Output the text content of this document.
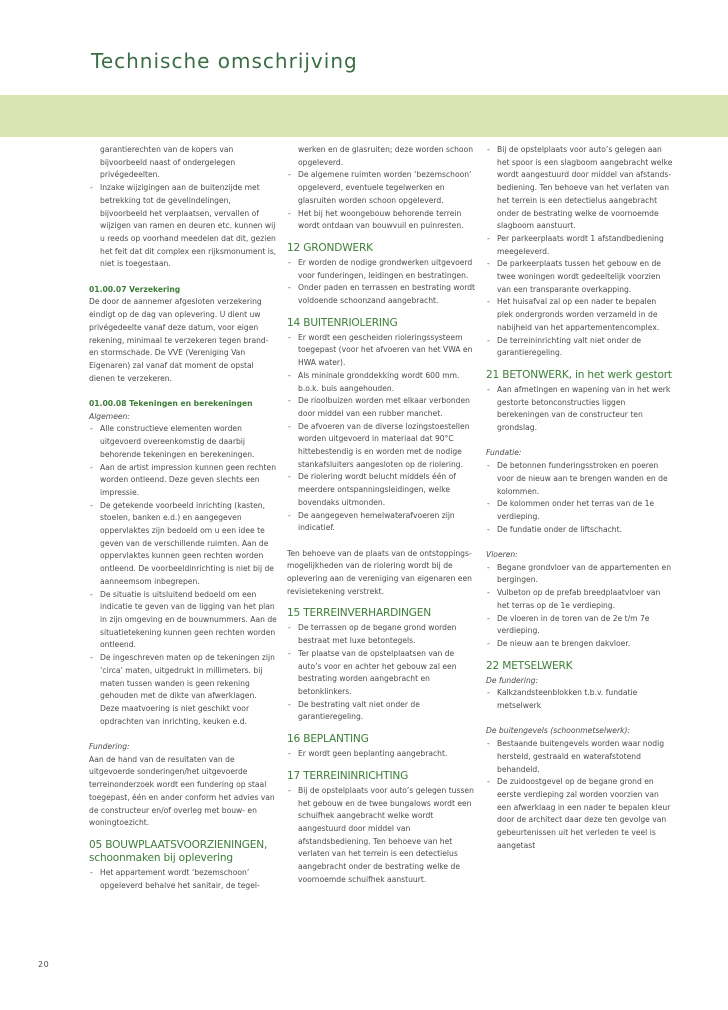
Technische omschrijving

garantierechten van de kopers van bijvoorbeeld naast of ondergelegen privégedeelten.

- Inzake wijzigingen aan de buitenzijde met betrekking tot de gevelindelingen, bijvoorbeeld het verplaatsen, vervallen of wijzigen van ramen en deuren etc. kunnen wij u reeds op voorhand meedelen dat dit, gezien het feit dat dit complex een rijksmonument is, niet is toegestaan.
01.00.07 Verzekering

De door de aannemer afgesloten verzekering eindigt op de dag van oplevering. U dient uw privégedeelte vanaf deze datum, voor eigen rekening, minimaal te verzekeren tegen brand- en stormschade. De VVE (Vereniging Van Eigenaren) zal vanaf dat moment de opstal dienen te verzekeren.

01.00.08 Tekeningen en berekeningen

Algemeen:

- Alle constructieve elementen worden uitgevoerd overeenkomstig de daarbij behorende tekeningen en berekeningen.
- Aan de artist impression kunnen geen rechten worden ontleend. Deze geven slechts een impressie.
- De getekende voorbeeld inrichting (kasten, stoelen, banken e.d.) en aangegeven oppervlaktes zijn bedoeld om u een idee te geven van de verschillende ruimten. Aan de oppervlaktes kunnen geen rechten worden ontleend. De voorbeeldinrichting is niet bij de aanneemsom inbegrepen.
- De situatie is uitsluitend bedoeld om een indicatie te geven van de ligging van het plan in zijn omgeving en de bouwnummers. Aan de situatietekening kunnen geen rechten worden ontleend.
- De ingeschreven maten op de tekeningen zijn ‘circa’ maten, uitgedrukt in millimeters. bij maten tussen wanden is geen rekening gehouden met de dikte van afwerklagen. Deze maatvoering is niet geschikt voor opdrachten van inrichting, keuken e.d.

Fundering:

Aan de hand van de resultaten van de uitgevoerde sonderingen/het uitgevoerde terreinonderzoek wordt een fundering op staal toegepast, één en ander conform het advies van de constructeur en/of overleg met bouw- en woningtoezicht.

05 BOUWPLAATSVOORZIENINGEN, schoonmaken bij oplevering
- Het appartement wordt ‘bezemschoon’ opgeleverd behalve het sanitair, de tegel-

werken en de glasruiten; deze worden schoon opgeleverd.

- De algemene ruimten worden ‘bezemschoon’ opgeleverd, eventuele tegelwerken en glasruiten worden schoon opgeleverd.
- Het bij het woongebouw behorende terrein wordt ontdaan van bouwvuil en puinresten.
12 GRONDWERK
- Er worden de nodige grondwerken uitgevoerd voor funderingen, leidingen en bestratingen.
- Onder paden en terrassen en bestrating wordt voldoende schoonzand aangebracht.
14 BUITENRIOLERING
- Er wordt een gescheiden rioleringssysteem toegepast (voor het afvoeren van het VWA en HWA water).
- Als mininale gronddekking wordt 600 mm. b.o.k. buis aangehouden.
- De rioolbuizen worden met elkaar verbonden door middel van een rubber manchet.
- De afvoeren van de diverse lozingstoestellen worden uitgevoerd in materiaal dat 90°C hittebestendig is en worden met de nodige stankafsluiters aangesloten op de riolering.
- De riolering wordt belucht middels één of meerdere ontspanningsleidingen, welke bovendaks uitmonden.
- De aangegeven hemelwaterafvoeren zijn indicatief.

Ten behoeve van de plaats van de ontstoppings-mogelijkheden van de riolering wordt bij de oplevering aan de vereniging van eigenaren een revisietekening verstrekt.

15 TERREINVERHARDINGEN
- De terrassen op de begane grond worden bestraat met luxe betontegels.
- Ter plaatse van de opstelplaatsen van de auto’s voor en achter het gebouw zal een bestrating worden aangebracht en betonklinkers.
- De bestrating valt niet onder de garantieregeling.
16 BEPLANTING
- Er wordt geen beplanting aangebracht.
17 TERREININRICHTING
- Bij de opstelplaats voor auto’s gelegen tussen het gebouw en de twee bungalows wordt een schuifhek aangebracht welke wordt aangestuurd door middel van afstandsbediening. Ten behoeve van het verlaten van het terrein is een detectielus aangebracht onder de bestrating welke de voornoemde schuifhek aanstuurt.
- Bij de opstelplaats voor auto’s gelegen aan het spoor is een slagboom aangebracht welke wordt aangestuurd door middel van afstands-bediening. Ten behoeve van het verlaten van het terrein is een detectielus aangebracht onder de bestrating welke de voornoemde slagboom aanstuurt.
- Per parkeerplaats wordt 1 afstandbediening meegeleverd.
- De parkeerplaats tussen het gebouw en de twee woningen wordt gedeeltelijk voorzien van een transparante overkapping.
- Het huisafval zal op een nader te bepalen plek ondergronds worden verzameld in de nabijheid van het appartementencomplex.
- De terreininrichting valt niet onder de garantieregeling.
21 BETONWERK, in het werk gestort
- Aan afmetingen en wapening van in het werk gestorte betonconstructies liggen berekeningen van de constructeur ten grondslag.

Fundatie:

- De betonnen funderingsstroken en poeren voor de nieuw aan te brengen wanden en de kolommen.
- De kolommen onder het terras van de 1e verdieping.
- De fundatie onder de liftschacht.

Vloeren:

- Begane grondvloer van de appartementen en bergingen.
- Vulbeton op de prefab breedplaatvloer van het terras op de 1e verdieping.
- De vloeren in de toren van de 2e t/m 7e verdieping.
- De nieuw aan te brengen dakvloer.
22 METSELWERK

De fundering:

- Kalkzandsteenblokken t.b.v. fundatie metselwerk

De buitengevels (schoonmetselwerk):

- Bestaande buitengevels worden waar nodig hersteld, gestraald en waterafstotend behandeld.
- De zuidoostgevel op de begane grond en eerste verdieping zal worden voorzien van een afwerklaag in een nader te bepalen kleur door de architect daar deze ten gevolge van gebeurtenissen uit het verleden te veel is aangetast
20
